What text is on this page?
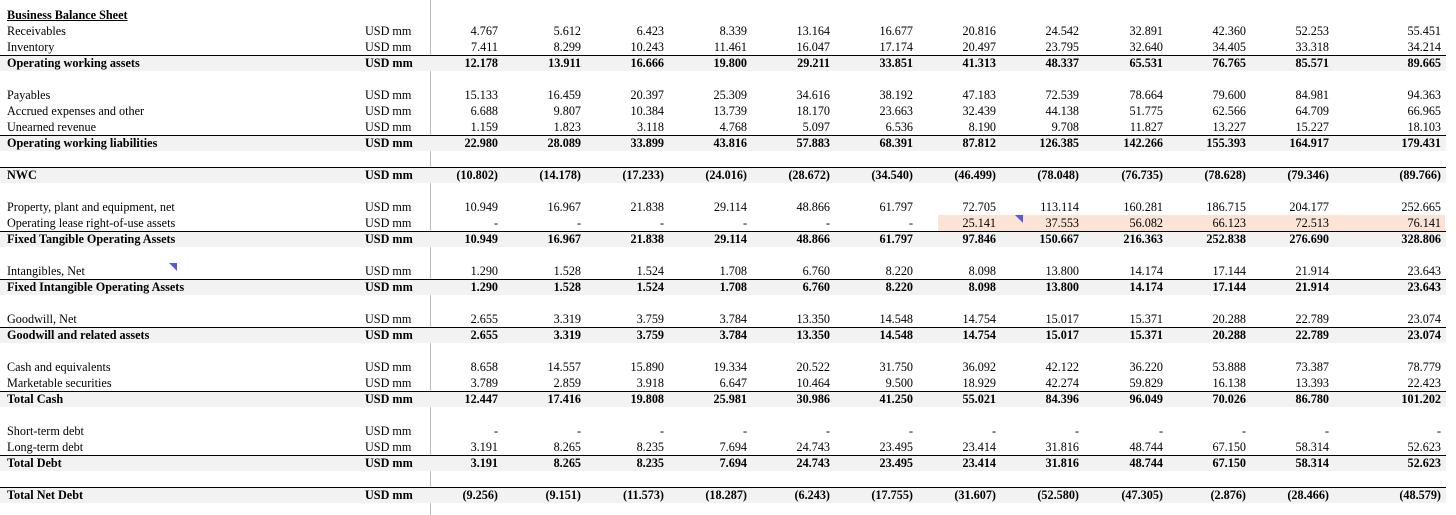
Business Balance Sheet
Receivables	USD mm	4.767	5.612	6.423	8.339	13.164	16.677	20.816	24.542	32.891	42.360	52.253	55.451
Inventory	USD mm	7.411	8.299	10.243	11.461	16.047	17.174	20.497	23.795	32.640	34.405	33.318	34.214
Operating working assets	USD mm	12.178	13.911	16.666	19.800	29.211	33.851	41.313	48.337	65.531	76.765	85.571	89.665
Payables	USD mm	15.133	16.459	20.397	25.309	34.616	38.192	47.183	72.539	78.664	79.600	84.981	94.363
Accrued expenses and other	USD mm	6.688	9.807	10.384	13.739	18.170	23.663	32.439	44.138	51.775	62.566	64.709	66.965
Unearned revenue	USD mm	1.159	1.823	3.118	4.768	5.097	6.536	8.190	9.708	11.827	13.227	15.227	18.103
Operating working liabilities	USD mm	22.980	28.089	33.899	43.816	57.883	68.391	87.812	126.385	142.266	155.393	164.917	179.431
NWC	USD mm	(10.802)	(14.178)	(17.233)	(24.016)	(28.672)	(34.540)	(46.499)	(78.048)	(76.735)	(78.628)	(79.346)	(89.766)
Property, plant and equipment, net	USD mm	10.949	16.967	21.838	29.114	48.866	61.797	72.705	113.114	160.281	186.715	204.177	252.665
Operating lease right-of-use assets	USD mm	-	-	-	-	-	-	25.141	37.553	56.082	66.123	72.513	76.141
Fixed Tangible Operating Assets	USD mm	10.949	16.967	21.838	29.114	48.866	61.797	97.846	150.667	216.363	252.838	276.690	328.806
Intangibles, Net	USD mm	1.290	1.528	1.524	1.708	6.760	8.220	8.098	13.800	14.174	17.144	21.914	23.643
Fixed Intangible Operating Assets	USD mm	1.290	1.528	1.524	1.708	6.760	8.220	8.098	13.800	14.174	17.144	21.914	23.643
Goodwill, Net	USD mm	2.655	3.319	3.759	3.784	13.350	14.548	14.754	15.017	15.371	20.288	22.789	23.074
Goodwill and related assets	USD mm	2.655	3.319	3.759	3.784	13.350	14.548	14.754	15.017	15.371	20.288	22.789	23.074
Cash and equivalents	USD mm	8.658	14.557	15.890	19.334	20.522	31.750	36.092	42.122	36.220	53.888	73.387	78.779
Marketable securities	USD mm	3.789	2.859	3.918	6.647	10.464	9.500	18.929	42.274	59.829	16.138	13.393	22.423
Total Cash	USD mm	12.447	17.416	19.808	25.981	30.986	41.250	55.021	84.396	96.049	70.026	86.780	101.202
Short-term debt	USD mm	-	-	-	-	-	-	-	-	-	-	-	-
Long-term debt	USD mm	3.191	8.265	8.235	7.694	24.743	23.495	23.414	31.816	48.744	67.150	58.314	52.623
Total Debt	USD mm	3.191	8.265	8.235	7.694	24.743	23.495	23.414	31.816	48.744	67.150	58.314	52.623
Total Net Debt	USD mm	(9.256)	(9.151)	(11.573)	(18.287)	(6.243)	(17.755)	(31.607)	(52.580)	(47.305)	(2.876)	(28.466)	(48.579)
